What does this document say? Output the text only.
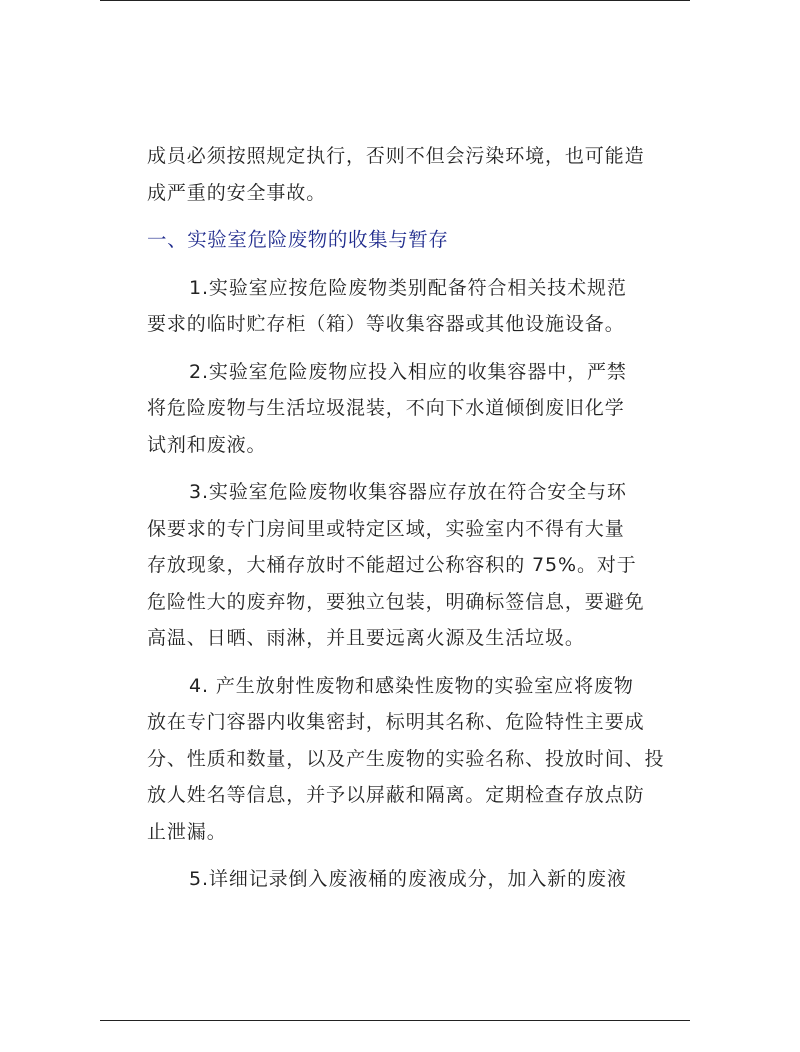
成员必须按照规定执行，否则不但会污染环境，也可能造
成严重的安全事故。
一、实验室危险废物的收集与暂存
1.实验室应按危险废物类别配备符合相关技术规范
要求的临时贮存柜（箱）等收集容器或其他设施设备。
2.实验室危险废物应投入相应的收集容器中，严禁
将危险废物与生活垃圾混装，不向下水道倾倒废旧化学
试剂和废液。
3.实验室危险废物收集容器应存放在符合安全与环
保要求的专门房间里或特定区域，实验室内不得有大量
存放现象，大桶存放时不能超过公称容积的 75%。对于
危险性大的废弃物，要独立包装，明确标签信息，要避免
高温、日晒、雨淋，并且要远离火源及生活垃圾。
4. 产生放射性废物和感染性废物的实验室应将废物
放在专门容器内收集密封，标明其名称、危险特性主要成
分、性质和数量，以及产生废物的实验名称、投放时间、投
放人姓名等信息，并予以屏蔽和隔离。定期检查存放点防
止泄漏。
5.详细记录倒入废液桶的废液成分，加入新的废液
